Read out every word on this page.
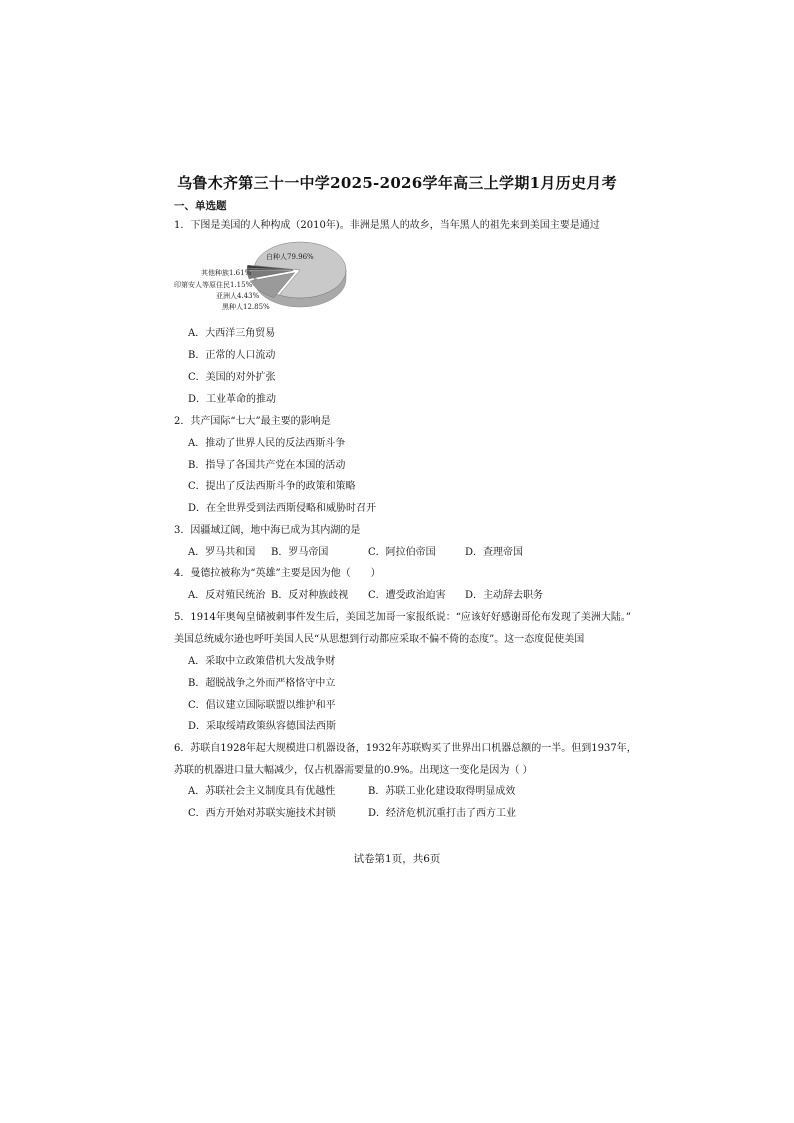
乌鲁木齐第三十一中学2025-2026学年高三上学期1月历史月考
一、单选题
1．下图是美国的人种构成（2010年)。非洲是黑人的故乡，当年黑人的祖先来到美国主要是通过
白种人79.96%
其他种族1.61%
印第安人等原住民1.15%
亚洲人4.43%
黑种人12.85%
A．大西洋三角贸易
B．正常的人口流动
C．美国的对外扩张
D．工业革命的推动
2．共产国际“七大”最主要的影响是
A．推动了世界人民的反法西斯斗争
B．指导了各国共产党在本国的活动
C．提出了反法西斯斗争的政策和策略
D．在全世界受到法西斯侵略和威胁时召开
3．因疆域辽阔，地中海已成为其内湖的是
A．罗马共和国 B．罗马帝国	C．阿拉伯帝国	D．查理帝国
4．曼德拉被称为“英雄”主要是因为他（　　）
A．反对殖民统治 B．反对种族歧视 C．遭受政治迫害 D．主动辞去职务
5．1914年奥匈皇储被刺事件发生后，美国芝加哥一家报纸说：“应该好好感谢哥伦布发现了美洲大陆。”
美国总统威尔逊也呼吁美国人民“从思想到行动都应采取不偏不倚的态度”。这一态度促使美国
A．采取中立政策借机大发战争财
B．超脱战争之外而严格恪守中立
C．倡议建立国际联盟以维护和平
D．采取绥靖政策纵容德国法西斯
6．苏联自1928年起大规模进口机器设备，1932年苏联购买了世界出口机器总额的一半。但到1937年，
苏联的机器进口量大幅减少，仅占机器需要量的0.9%。出现这一变化是因为（ ）
A．苏联社会主义制度具有优越性	B．苏联工业化建设取得明显成效
C．西方开始对苏联实施技术封锁	D．经济危机沉重打击了西方工业
试卷第1页，共6页
